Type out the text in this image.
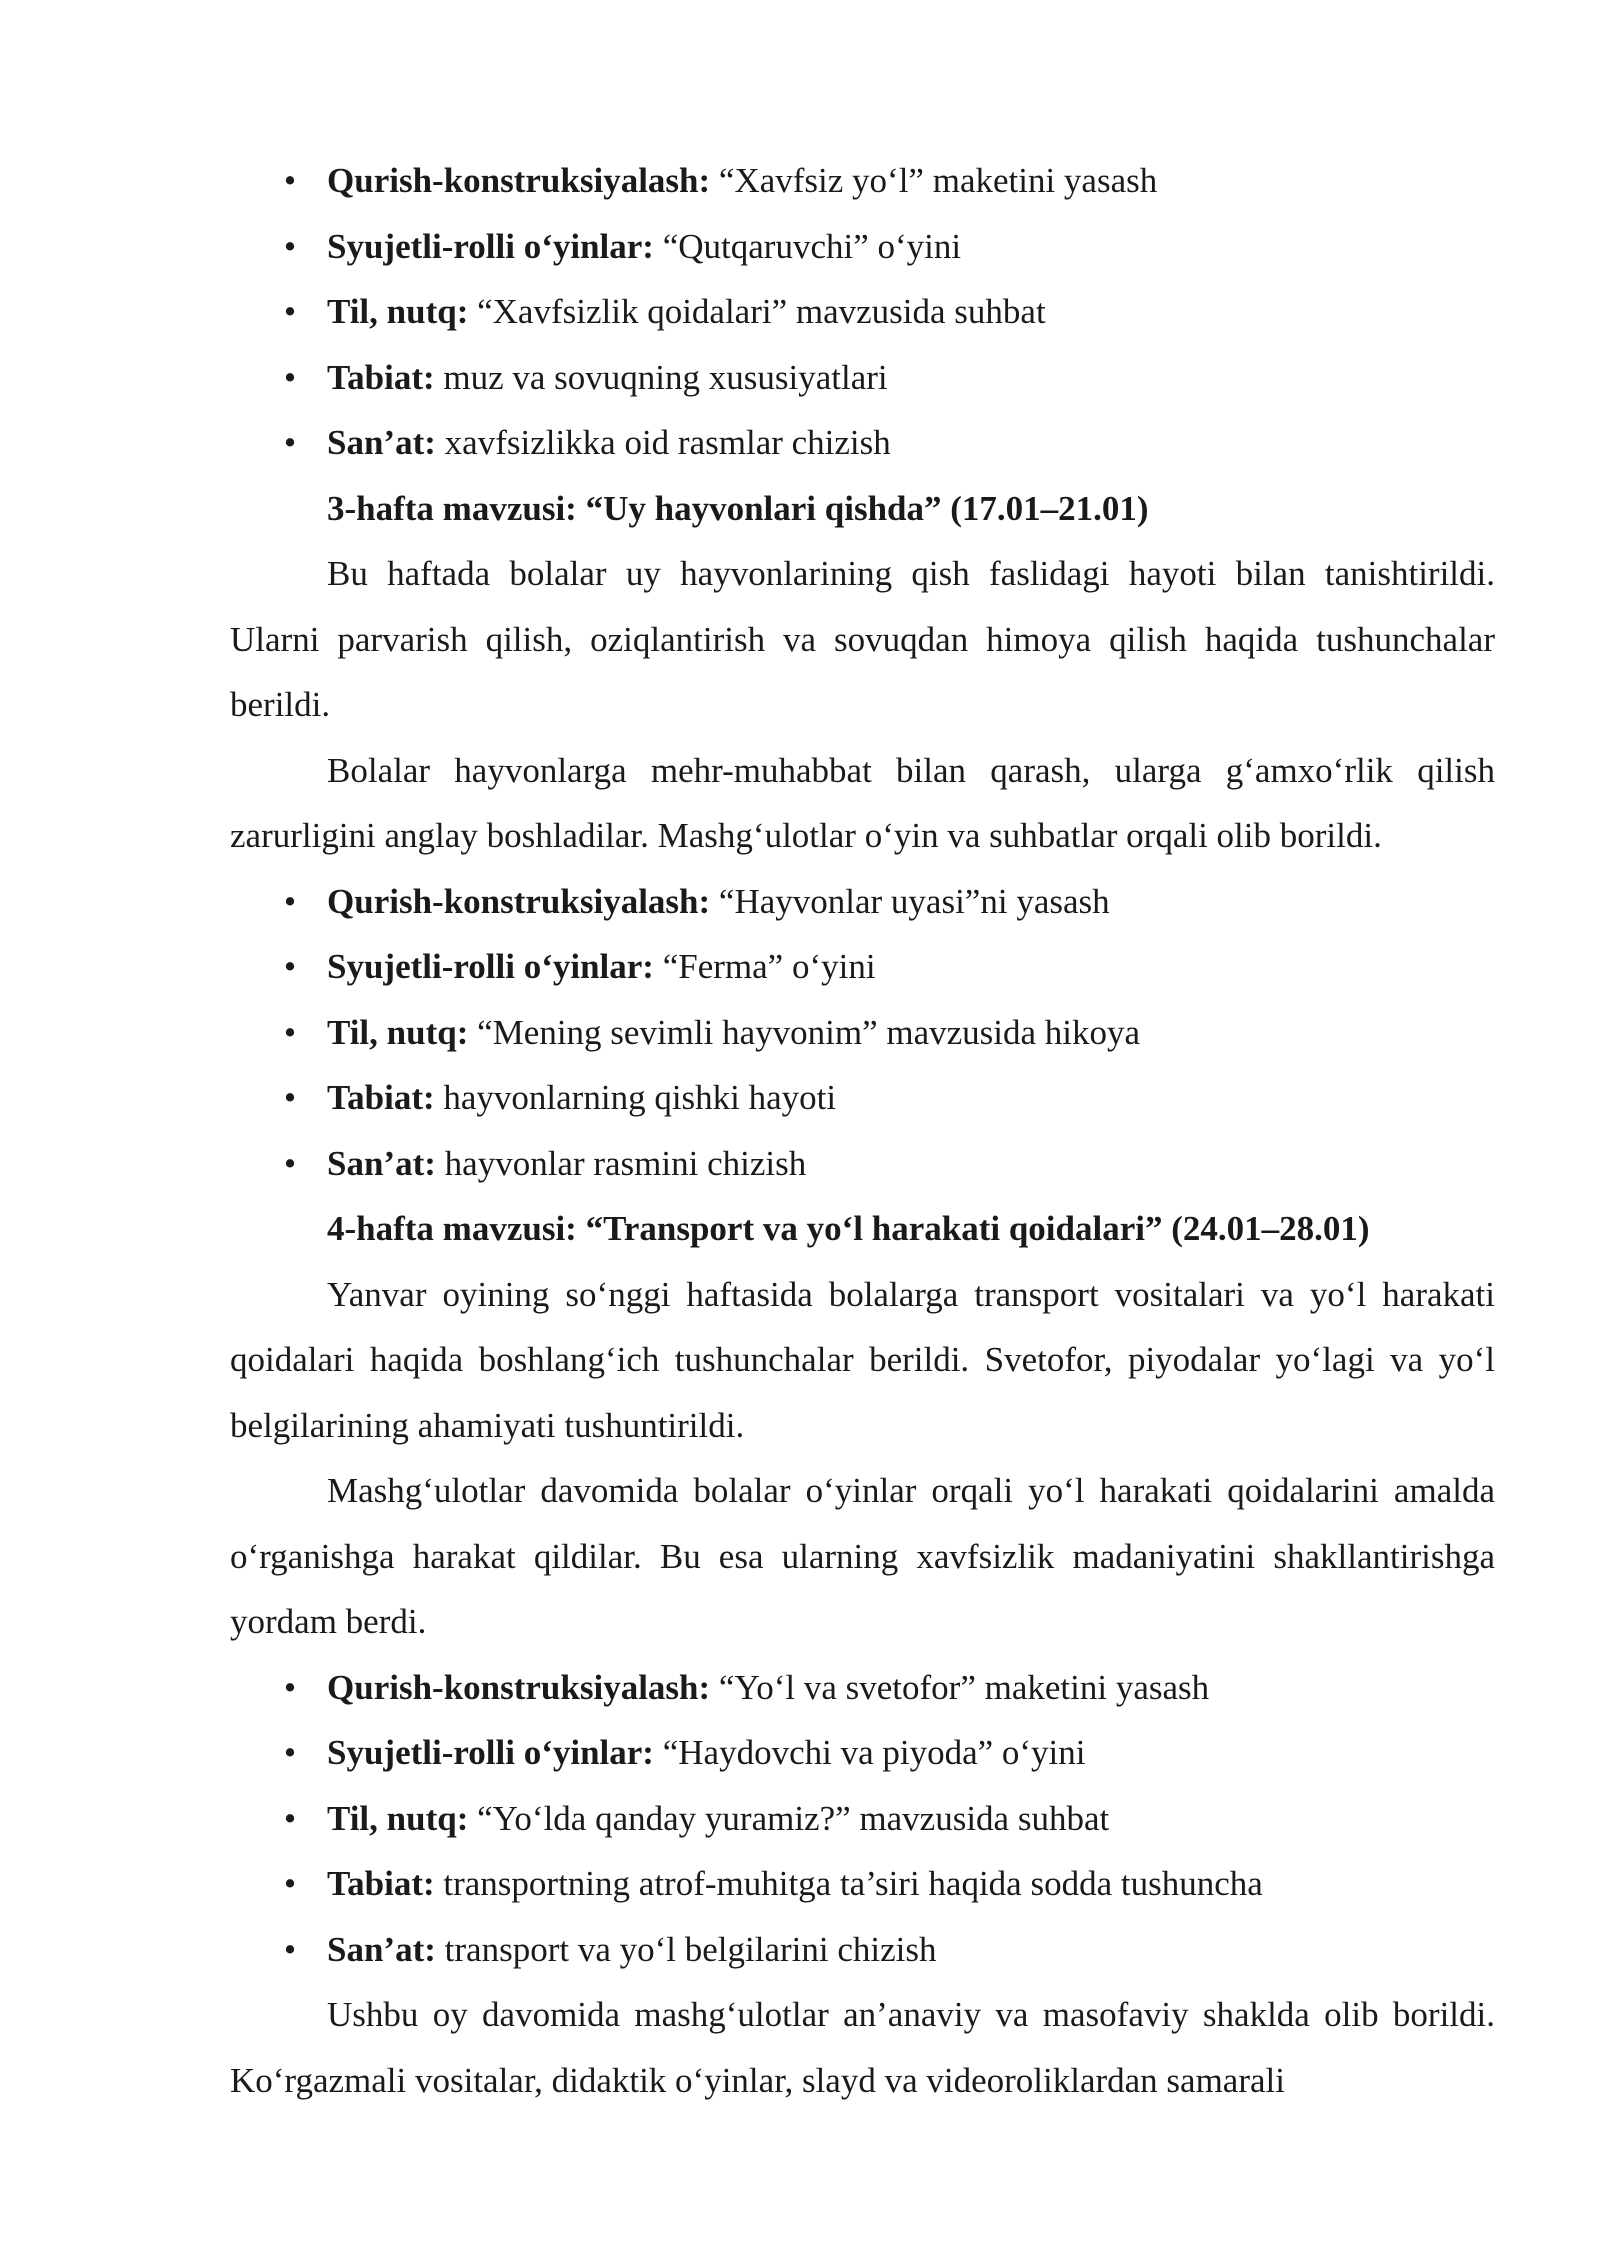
• Qurish-konstruksiyalash: “Xavfsiz yo‘l” maketini yasash
• Syujetli-rolli o‘yinlar: “Qutqaruvchi” o‘yini
• Til, nutq: “Xavfsizlik qoidalari” mavzusida suhbat
• Tabiat: muz va sovuqning xususiyatlari
• San’at: xavfsizlikka oid rasmlar chizish

3-hafta mavzusi: “Uy hayvonlari qishda” (17.01–21.01)

Bu haftada bolalar uy hayvonlarining qish faslidagi hayoti bilan tanishtirildi. Ularni parvarish qilish, oziqlantirish va sovuqdan himoya qilish haqida tushunchalar berildi.

Bolalar hayvonlarga mehr-muhabbat bilan qarash, ularga g‘amxo‘rlik qilish zarurligini anglay boshladilar. Mashg‘ulotlar o‘yin va suhbatlar orqali olib borildi.

• Qurish-konstruksiyalash: “Hayvonlar uyasi”ni yasash
• Syujetli-rolli o‘yinlar: “Ferma” o‘yini
• Til, nutq: “Mening sevimli hayvonim” mavzusida hikoya
• Tabiat: hayvonlarning qishki hayoti
• San’at: hayvonlar rasmini chizish

4-hafta mavzusi: “Transport va yo‘l harakati qoidalari” (24.01–28.01)

Yanvar oyining so‘nggi haftasida bolalarga transport vositalari va yo‘l harakati qoidalari haqida boshlang‘ich tushunchalar berildi. Svetofor, piyodalar yo‘lagi va yo‘l belgilarining ahamiyati tushuntirildi.

Mashg‘ulotlar davomida bolalar o‘yinlar orqali yo‘l harakati qoidalarini amalda o‘rganishga harakat qildilar. Bu esa ularning xavfsizlik madaniyatini shakllantirishga yordam berdi.

• Qurish-konstruksiyalash: “Yo‘l va svetofor” maketini yasash
• Syujetli-rolli o‘yinlar: “Haydovchi va piyoda” o‘yini
• Til, nutq: “Yo‘lda qanday yuramiz?” mavzusida suhbat
• Tabiat: transportning atrof-muhitga ta’siri haqida sodda tushuncha
• San’at: transport va yo‘l belgilarini chizish

Ushbu oy davomida mashg‘ulotlar an’anaviy va masofaviy shaklda olib borildi. Ko‘rgazmali vositalar, didaktik o‘yinlar, slayd va videoroliklardan samarali
